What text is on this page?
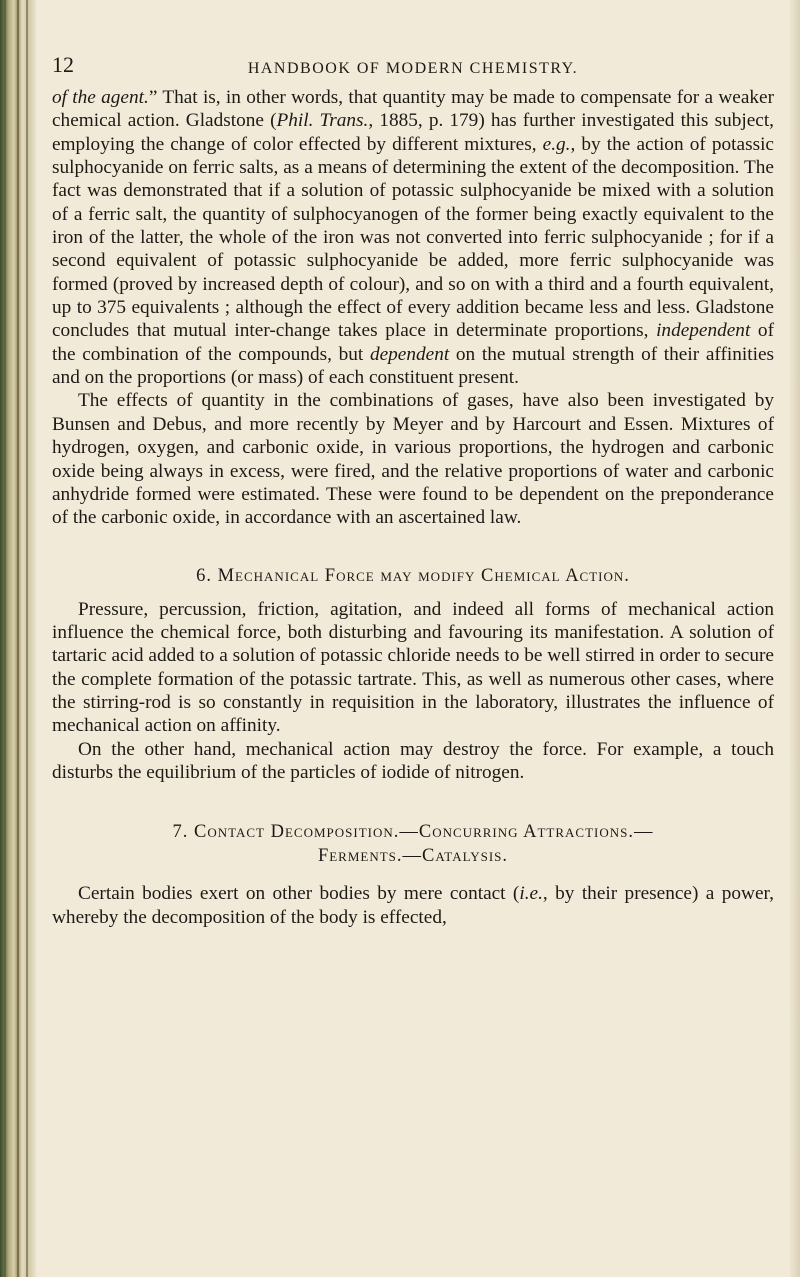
12	HANDBOOK OF MODERN CHEMISTRY.

of the agent.” That is, in other words, that quantity may be made to compensate for a weaker chemical action. Gladstone (Phil. Trans., 1885, p. 179) has further investigated this subject, employing the change of color effected by different mixtures, e.g., by the action of potassic sulphocyanide on ferric salts, as a means of determining the extent of the decomposition. The fact was demonstrated that if a solution of potassic sulphocyanide be mixed with a solution of a ferric salt, the quantity of sulphocyanogen of the former being exactly equivalent to the iron of the latter, the whole of the iron was not converted into ferric sulphocyanide ; for if a second equivalent of potassic sulphocyanide be added, more ferric sulphocyanide was formed (proved by increased depth of colour), and so on with a third and a fourth equivalent, up to 375 equivalents ; although the effect of every addition became less and less. Gladstone concludes that mutual inter-change takes place in determinate proportions, independent of the combination of the compounds, but dependent on the mutual strength of their affinities and on the proportions (or mass) of each constituent present.

The effects of quantity in the combinations of gases, have also been investigated by Bunsen and Debus, and more recently by Meyer and by Harcourt and Essen. Mixtures of hydrogen, oxygen, and carbonic oxide, in various proportions, the hydrogen and carbonic oxide being always in excess, were fired, and the relative proportions of water and carbonic anhydride formed were estimated. These were found to be dependent on the preponderance of the carbonic oxide, in accordance with an ascertained law.

6. Mechanical Force may modify Chemical Action.

Pressure, percussion, friction, agitation, and indeed all forms of mechanical action influence the chemical force, both disturbing and favouring its manifestation. A solution of tartaric acid added to a solution of potassic chloride needs to be well stirred in order to secure the complete formation of the potassic tartrate. This, as well as numerous other cases, where the stirring-rod is so constantly in requisition in the laboratory, illustrates the influence of mechanical action on affinity.

On the other hand, mechanical action may destroy the force. For example, a touch disturbs the equilibrium of the particles of iodide of nitrogen.

7. Contact Decomposition.—Concurring Attractions.—

Ferments.—Catalysis.

Certain bodies exert on other bodies by mere contact (i.e., by their presence) a power, whereby the decomposition of the body is effected,
